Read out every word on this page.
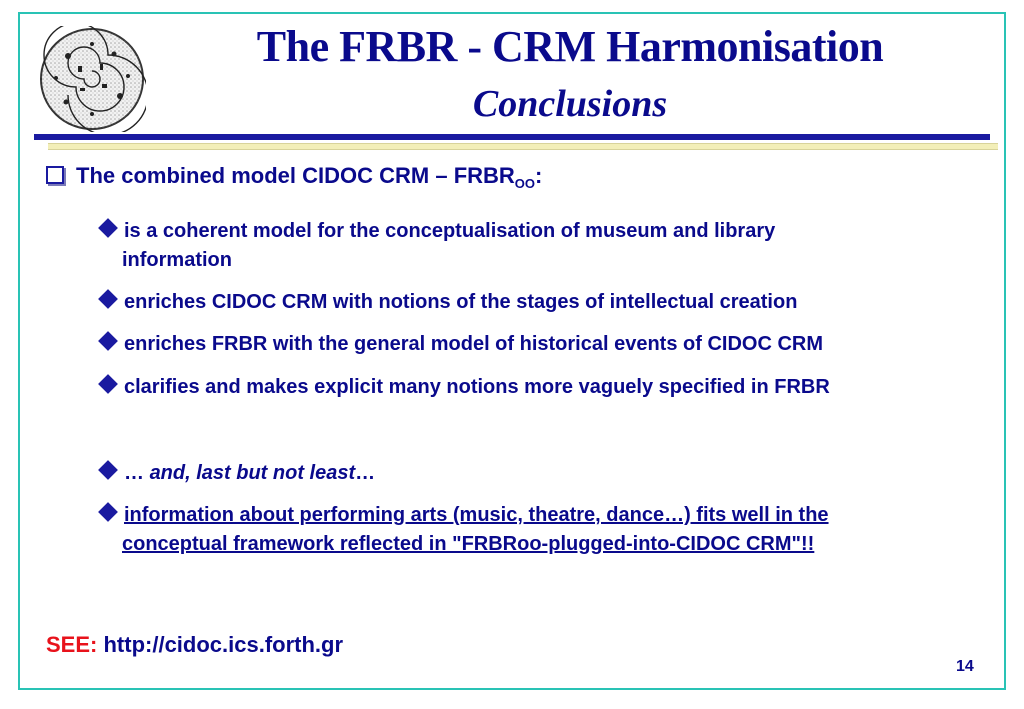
The FRBR - CRM Harmonisation
Conclusions
The combined model CIDOC CRM – $FRBR_{OO}$:
is a coherent model for the conceptualisation of museum and library
information
enriches CIDOC CRM with notions of the stages of intellectual creation
enriches FRBR with the general model of historical events of CIDOC CRM
clarifies and makes explicit many notions more vaguely specified in FRBR
… and, last but not least…
information about performing arts (music, theatre, dance…) fits well in the
conceptual framework reflected in "FRBRoo-plugged-into-CIDOC CRM"!!
SEE: http://cidoc.ics.forth.gr
14
